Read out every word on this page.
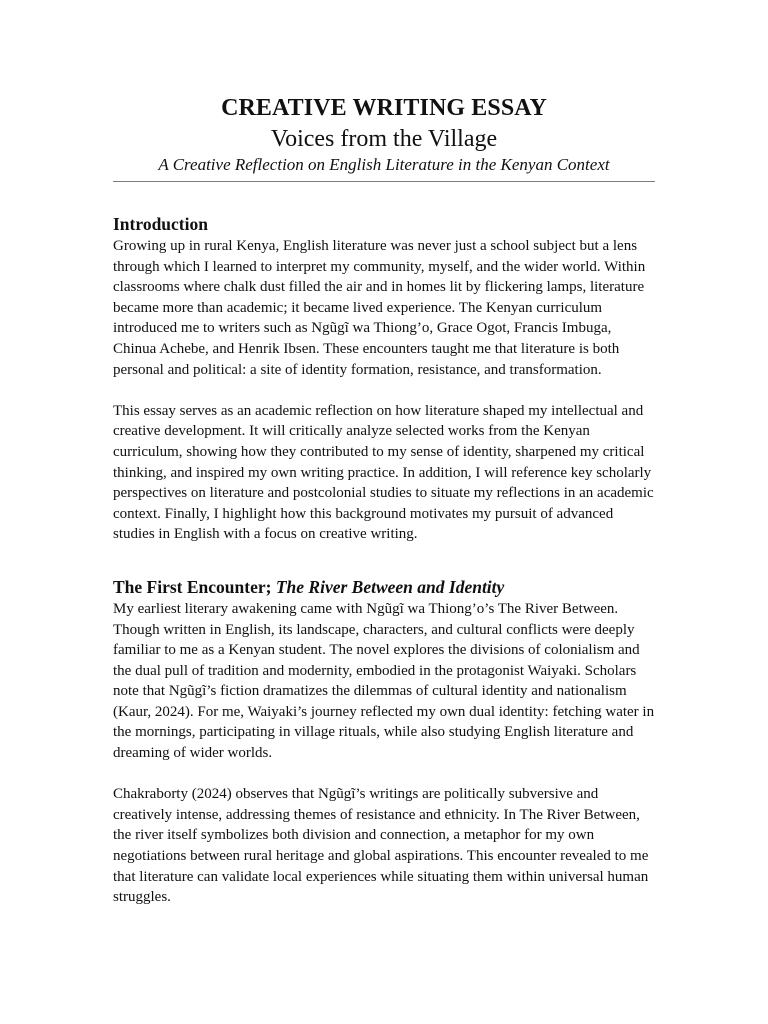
CREATIVE WRITING ESSAY
Voices from the Village
A Creative Reflection on English Literature in the Kenyan Context
Introduction

Growing up in rural Kenya, English literature was never just a school subject but a lens through which I learned to interpret my community, myself, and the wider world. Within classrooms where chalk dust filled the air and in homes lit by flickering lamps, literature became more than academic; it became lived experience. The Kenyan curriculum introduced me to writers such as Ngũgĩ wa Thiong’o, Grace Ogot, Francis Imbuga, Chinua Achebe, and Henrik Ibsen. These encounters taught me that literature is both personal and political: a site of identity formation, resistance, and transformation.

This essay serves as an academic reflection on how literature shaped my intellectual and creative development. It will critically analyze selected works from the Kenyan curriculum, showing how they contributed to my sense of identity, sharpened my critical thinking, and inspired my own writing practice. In addition, I will reference key scholarly perspectives on literature and postcolonial studies to situate my reflections in an academic context. Finally, I highlight how this background motivates my pursuit of advanced studies in English with a focus on creative writing.

The First Encounter; The River Between and Identity

My earliest literary awakening came with Ngũgĩ wa Thiong’o’s The River Between. Though written in English, its landscape, characters, and cultural conflicts were deeply familiar to me as a Kenyan student. The novel explores the divisions of colonialism and the dual pull of tradition and modernity, embodied in the protagonist Waiyaki. Scholars note that Ngũgĩ’s fiction dramatizes the dilemmas of cultural identity and nationalism (Kaur, 2024). For me, Waiyaki’s journey reflected my own dual identity: fetching water in the mornings, participating in village rituals, while also studying English literature and dreaming of wider worlds.

Chakraborty (2024) observes that Ngũgĩ’s writings are politically subversive and creatively intense, addressing themes of resistance and ethnicity. In The River Between, the river itself symbolizes both division and connection, a metaphor for my own negotiations between rural heritage and global aspirations. This encounter revealed to me that literature can validate local experiences while situating them within universal human struggles.
